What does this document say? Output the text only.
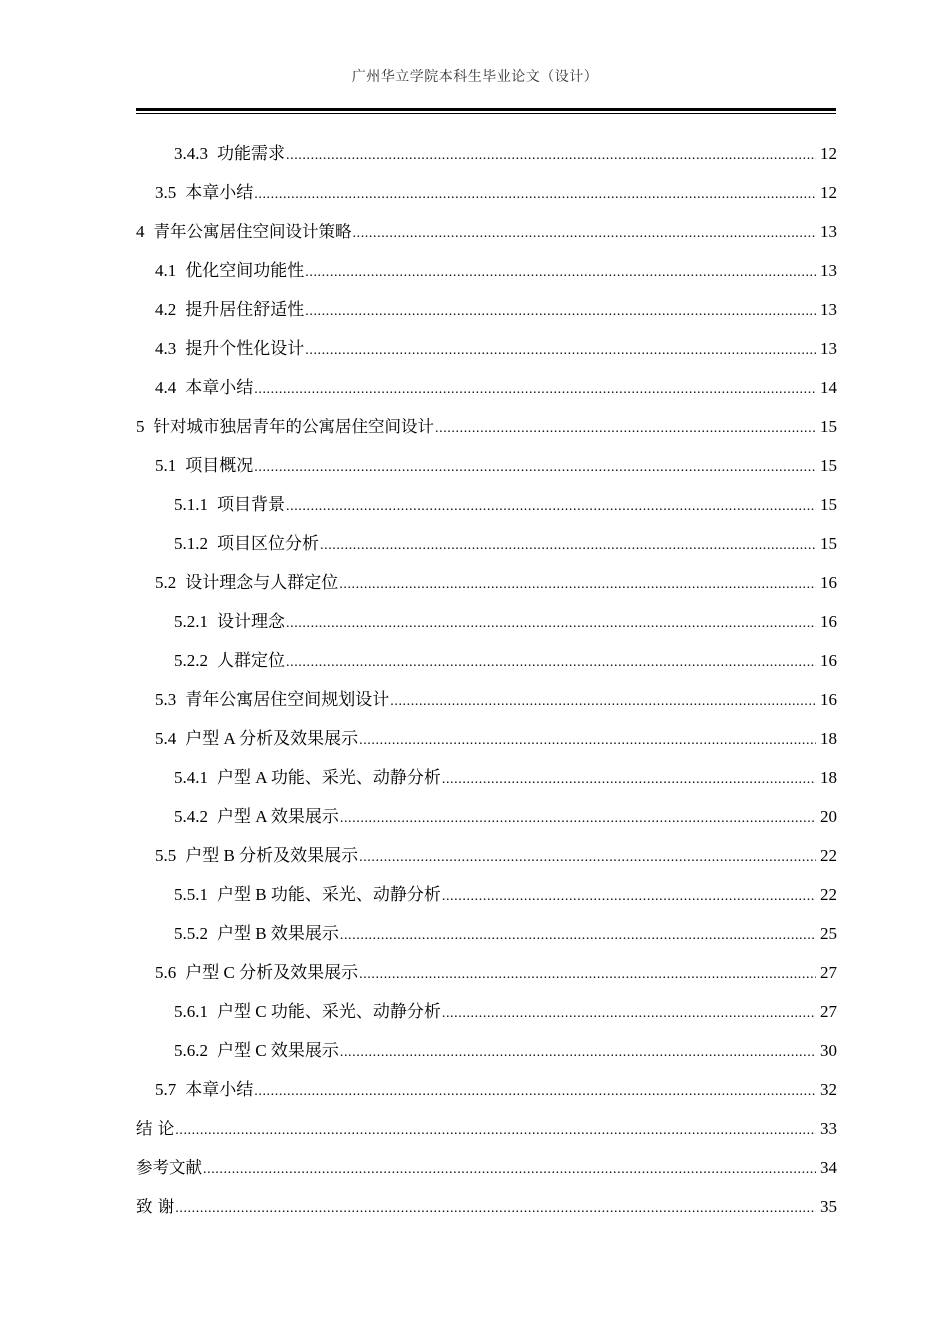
广州华立学院本科生毕业论文（设计）
3.4.3 功能需求 .....	12
3.5 本章小结 .....	12
4 青年公寓居住空间设计策略 .....	13
4.1 优化空间功能性 .....	13
4.2 提升居住舒适性 .....	13
4.3 提升个性化设计 .....	13
4.4 本章小结 .....	14
5 针对城市独居青年的公寓居住空间设计 .....	15
5.1 项目概况 .....	15
5.1.1 项目背景 .....	15
5.1.2 项目区位分析 .....	15
5.2 设计理念与人群定位 .....	16
5.2.1 设计理念 .....	16
5.2.2 人群定位 .....	16
5.3 青年公寓居住空间规划设计 .....	16
5.4 户型 A 分析及效果展示 .....	18
5.4.1 户型 A 功能、采光、动静分析 .....	18
5.4.2 户型 A 效果展示 .....	20
5.5 户型 B 分析及效果展示 .....	22
5.5.1 户型 B 功能、采光、动静分析 .....	22
5.5.2 户型 B 效果展示 .....	25
5.6 户型 C 分析及效果展示 .....	27
5.6.1 户型 C 功能、采光、动静分析 .....	27
5.6.2 户型 C 效果展示 .....	30
5.7 本章小结 .....	32
结 论 .....	33
参考文献 .....	34
致 谢 .....	35
